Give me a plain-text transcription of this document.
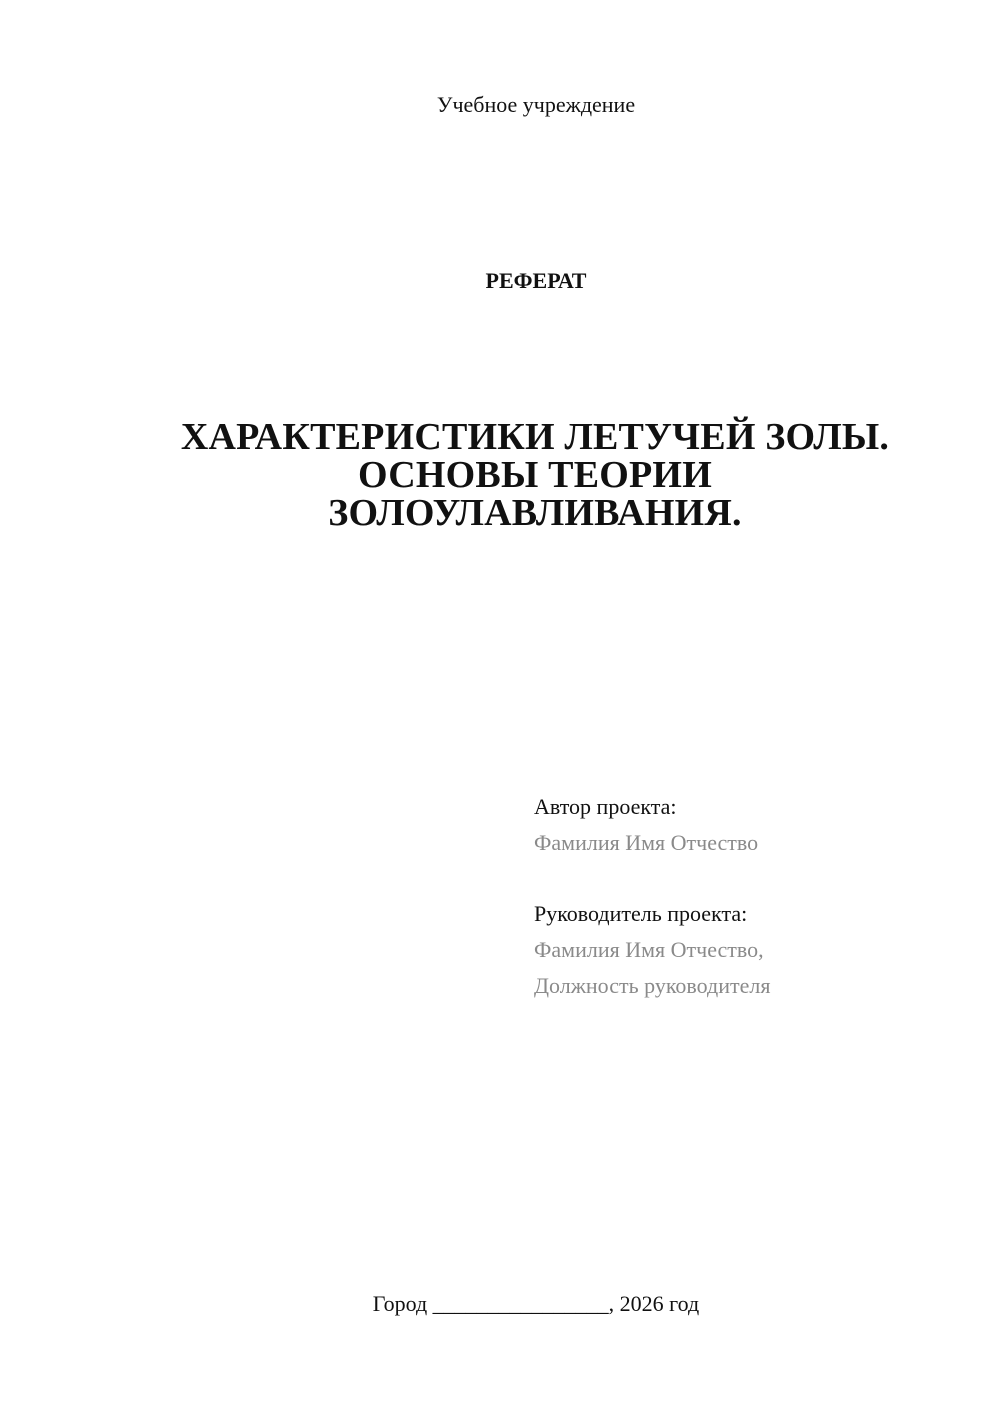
Учебное учреждение
РЕФЕРАТ
ХАРАКТЕРИСТИКИ ЛЕТУЧЕЙ ЗОЛЫ.
ОСНОВЫ ТЕОРИИ
ЗОЛОУЛАВЛИВАНИЯ.
Автор проекта:
Фамилия Имя Отчество
Руководитель проекта:
Фамилия Имя Отчество,
Должность руководителя
Город ________________, 2026 год
